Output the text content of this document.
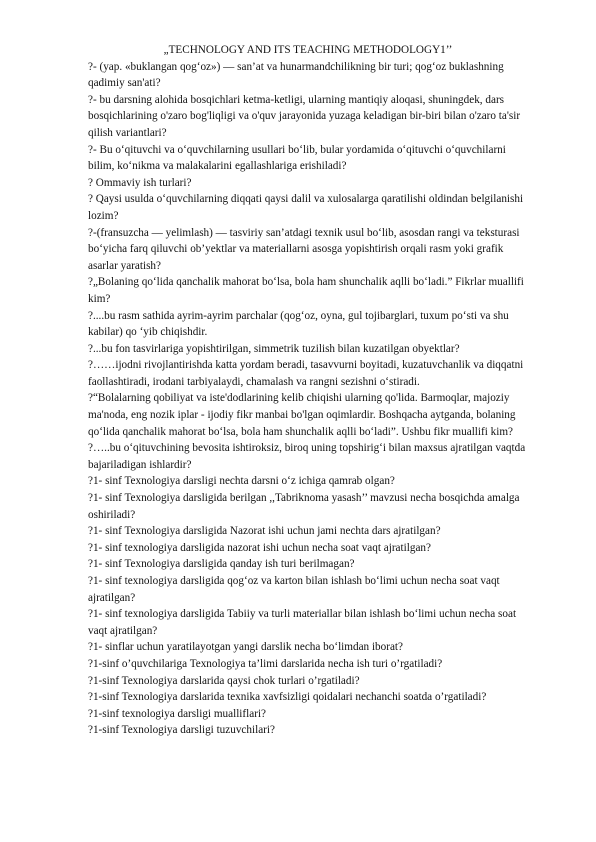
„TECHNOLOGY AND ITS TEACHING METHODOLOGY1’’
?- (yap. «buklangan qog‘oz») — san’at va hunarmandchilikning bir turi; qog‘oz buklashning qadimiy san'ati?
?- bu darsning alohida bosqichlari ketma-ketligi, ularning mantiqiy aloqasi, shuningdek, dars bosqichlarining o'zaro bog'liqligi va o'quv jarayonida yuzaga keladigan bir-biri bilan o'zaro ta'sir qilish variantlari?
?- Bu o‘qituvchi va o‘quvchilarning usullari bo‘lib, bular yordamida o‘qituvchi o‘quvchilarni bilim, ko‘nikma va malakalarini egallashlariga erishiladi?
? Ommaviy ish turlari?
? Qaysi usulda o‘quvchilarning diqqati qaysi dalil va xulosalarga qaratilishi oldindan belgilanishi lozim?
?-(fransuzcha — yelimlash) — tasviriy san’atdagi texnik usul bo‘lib, asosdan rangi va teksturasi bo‘yicha farq qiluvchi ob’yektlar va materiallarni asosga yopishtirish orqali rasm yoki grafik asarlar yaratish?
?„Bolaning qo‘lida qanchalik mahorat bo‘lsa, bola ham shunchalik aqlli bo‘ladi.” Fikrlar muallifi kim?
?....bu rasm sathida ayrim-ayrim parchalar (qog‘oz, oyna, gul tojibarglari, tuxum po‘sti va shu kabilar) qo ‘yib chiqishdir.
?...bu fon tasvirlariga yopishtirilgan, simmetrik tuzilish bilan kuzatilgan obyektlar?
?……ijodni rivojlantirishda katta yordam beradi, tasavvurni boyitadi, kuzatuvchanlik va diqqatni faollashtiradi, irodani tarbiyalaydi, chamalash va rangni sezishni o‘stiradi.
?“Bolalarning qobiliyat va iste'dodlarining kelib chiqishi ularning qo'lida. Barmoqlar, majoziy ma'noda, eng nozik iplar - ijodiy fikr manbai bo'lgan oqimlardir. Boshqacha aytganda, bolaning qo‘lida qanchalik mahorat bo‘lsa, bola ham shunchalik aqlli bo‘ladi”. Ushbu fikr muallifi kim?
?…..bu o‘qituvchining bevosita ishtiroksiz, biroq uning topshirig‘i bilan maxsus ajratilgan vaqtda bajariladigan ishlardir?
?1- sinf Texnologiya darsligi nechta darsni o‘z ichiga qamrab olgan?
?1- sinf Texnologiya darsligida berilgan ,,Tabriknoma yasash’’ mavzusi necha bosqichda amalga oshiriladi?
?1- sinf Texnologiya darsligida Nazorat ishi uchun jami nechta dars ajratilgan?
?1- sinf texnologiya darsligida nazorat ishi uchun necha soat vaqt ajratilgan?
?1- sinf Texnologiya darsligida qanday ish turi berilmagan?
?1- sinf texnologiya darsligida qog‘oz va karton bilan ishlash bo‘limi uchun necha soat vaqt ajratilgan?
?1- sinf texnologiya darsligida Tabiiy va turli materiallar bilan ishlash bo‘limi uchun necha soat vaqt ajratilgan?
?1- sinflar uchun yaratilayotgan yangi darslik necha bo‘limdan iborat?
?1-sinf o’quvchilariga Texnologiya ta’limi darslarida necha ish turi o’rgatiladi?
?1-sinf Texnologiya darslarida qaysi chok turlari o’rgatiladi?
?1-sinf Texnologiya darslarida texnika xavfsizligi qoidalari nechanchi soatda o’rgatiladi?
?1-sinf texnologiya darsligi mualliflari?
?1-sinf Texnologiya darsligi tuzuvchilari?
